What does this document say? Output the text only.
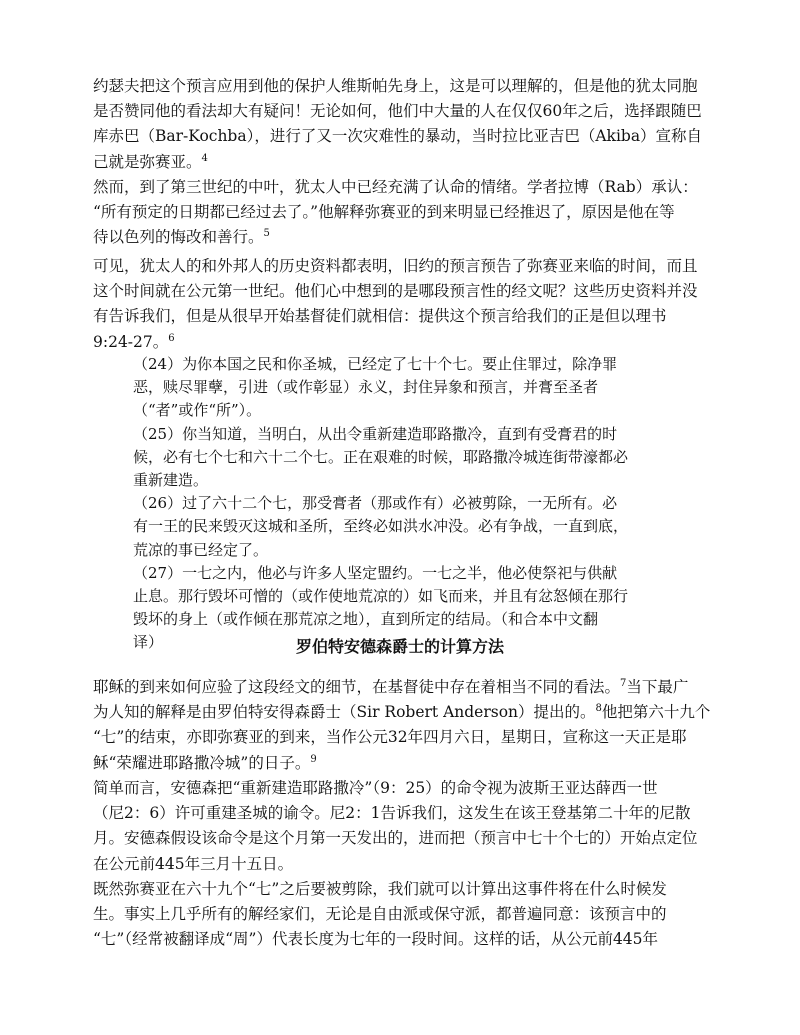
约瑟夫把这个预言应用到他的保护人维斯帕先身上，这是可以理解的，但是他的犹太同胞
是否赞同他的看法却大有疑问！无论如何，他们中大量的人在仅仅60年之后，选择跟随巴
库赤巴（Bar-Kochba），进行了又一次灾难性的暴动，当时拉比亚吉巴（Akiba）宣称自
己就是弥赛亚。$^4$
然而，到了第三世纪的中叶，犹太人中已经充满了认命的情绪。学者拉博（Rab）承认：
“所有预定的日期都已经过去了。”他解释弥赛亚的到来明显已经推迟了，原因是他在等
待以色列的悔改和善行。$^5$
可见，犹太人的和外邦人的历史资料都表明，旧约的预言预告了弥赛亚来临的时间，而且
这个时间就在公元第一世纪。他们心中想到的是哪段预言性的经文呢？这些历史资料并没
有告诉我们，但是从很早开始基督徒们就相信：提供这个预言给我们的正是但以理书
9:24-27。$^6$
（24）为你本国之民和你圣城，已经定了七十个七。要止住罪过，除净罪
恶，赎尽罪孽，引进（或作彰显）永义，封住异象和预言，并膏至圣者
（“者”或作“所”）。
（25）你当知道，当明白，从出令重新建造耶路撒冷，直到有受膏君的时
候，必有七个七和六十二个七。正在艰难的时候，耶路撒冷城连街带濠都必
重新建造。
（26）过了六十二个七，那受膏者（那或作有）必被剪除，一无所有。必
有一王的民来毁灭这城和圣所，至终必如洪水冲没。必有争战，一直到底，
荒凉的事已经定了。
（27）一七之内，他必与许多人坚定盟约。一七之半，他必使祭祀与供献
止息。那行毁坏可憎的（或作使地荒凉的）如飞而来，并且有忿怒倾在那行
毁坏的身上（或作倾在那荒凉之地），直到所定的结局。（和合本中文翻
译）	罗伯特安德森爵士的计算方法
耶稣的到来如何应验了这段经文的细节，在基督徒中存在着相当不同的看法。$^7$当下最广
为人知的解释是由罗伯特安得森爵士（Sir Robert Anderson）提出的。$^8$他把第六十九个
“七”的结束，亦即弥赛亚的到来，当作公元32年四月六日，星期日，宣称这一天正是耶
稣“荣耀进耶路撒冷城”的日子。$^9$
简单而言，安德森把“重新建造耶路撒冷”（9：25）的命令视为波斯王亚达薛西一世
（尼2：6）许可重建圣城的谕令。尼2：1告诉我们，这发生在该王登基第二十年的尼散
月。安德森假设该命令是这个月第一天发出的，进而把（预言中七十个七的）开始点定位
在公元前445年三月十五日。
既然弥赛亚在六十九个“七”之后要被剪除，我们就可以计算出这事件将在什么时候发
生。事实上几乎所有的解经家们，无论是自由派或保守派，都普遍同意：该预言中的
“七”（经常被翻译成“周”）代表长度为七年的一段时间。这样的话，从公元前445年
